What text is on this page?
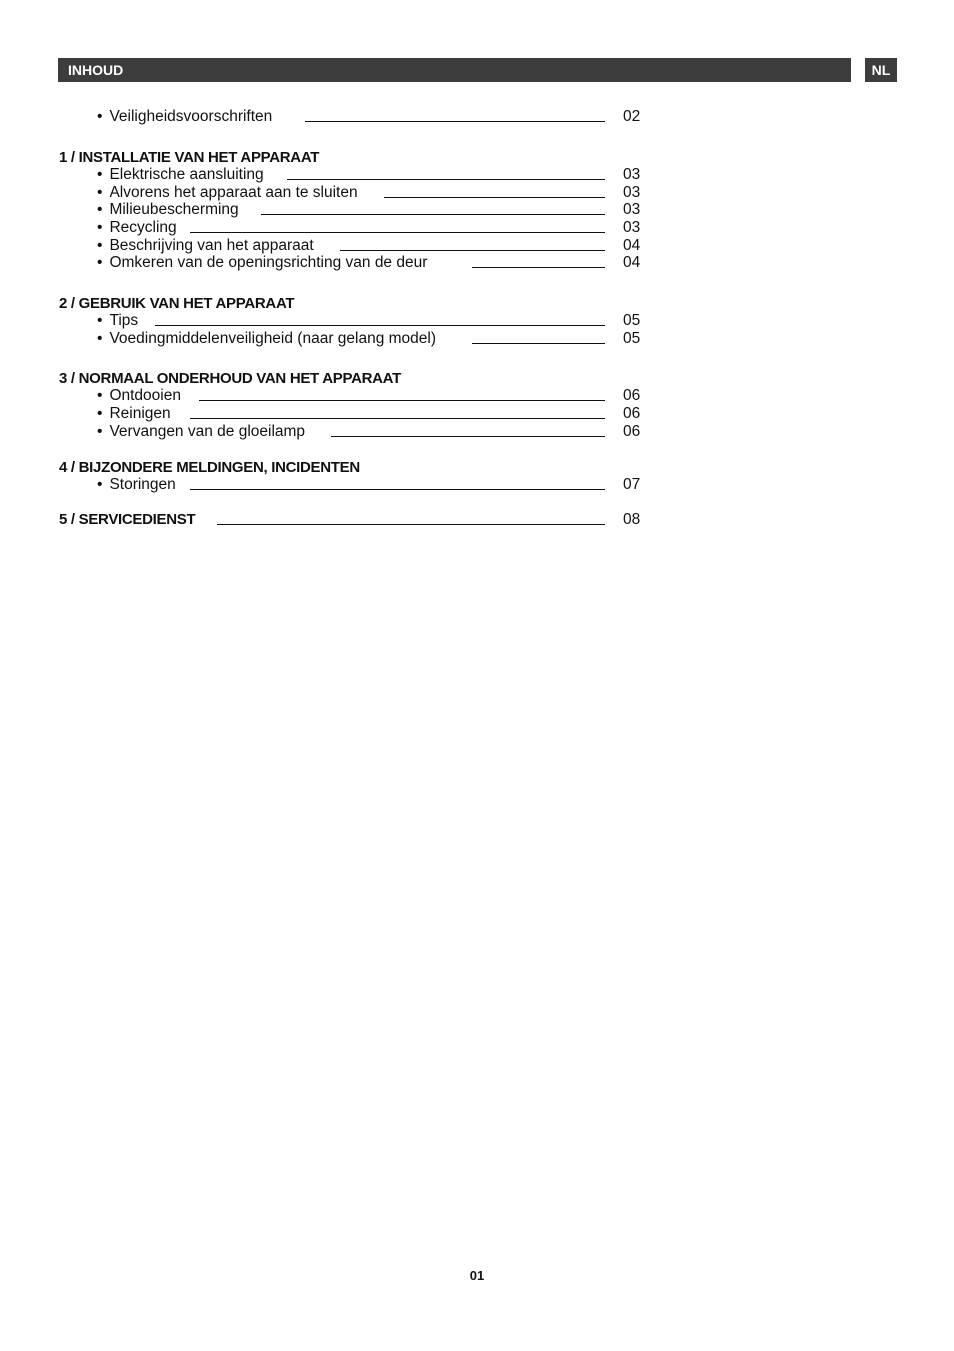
INHOUD	NL
• Veiligheidsvoorschriften	02
1 / INSTALLATIE VAN HET APPARAAT
• Elektrische aansluiting	03
• Alvorens het apparaat aan te sluiten	03
• Milieubescherming	03
• Recycling	03
• Beschrijving van het apparaat	04
• Omkeren van de openingsrichting van de deur	04
2 / GEBRUIK VAN HET APPARAAT
• Tips	05
• Voedingmiddelenveiligheid (naar gelang model)	05
3 / NORMAAL ONDERHOUD VAN HET APPARAAT
• Ontdooien	06
• Reinigen	06
• Vervangen van de gloeilamp	06
4 / BIJZONDERE MELDINGEN, INCIDENTEN
• Storingen	07
5 / SERVICEDIENST	08
01
